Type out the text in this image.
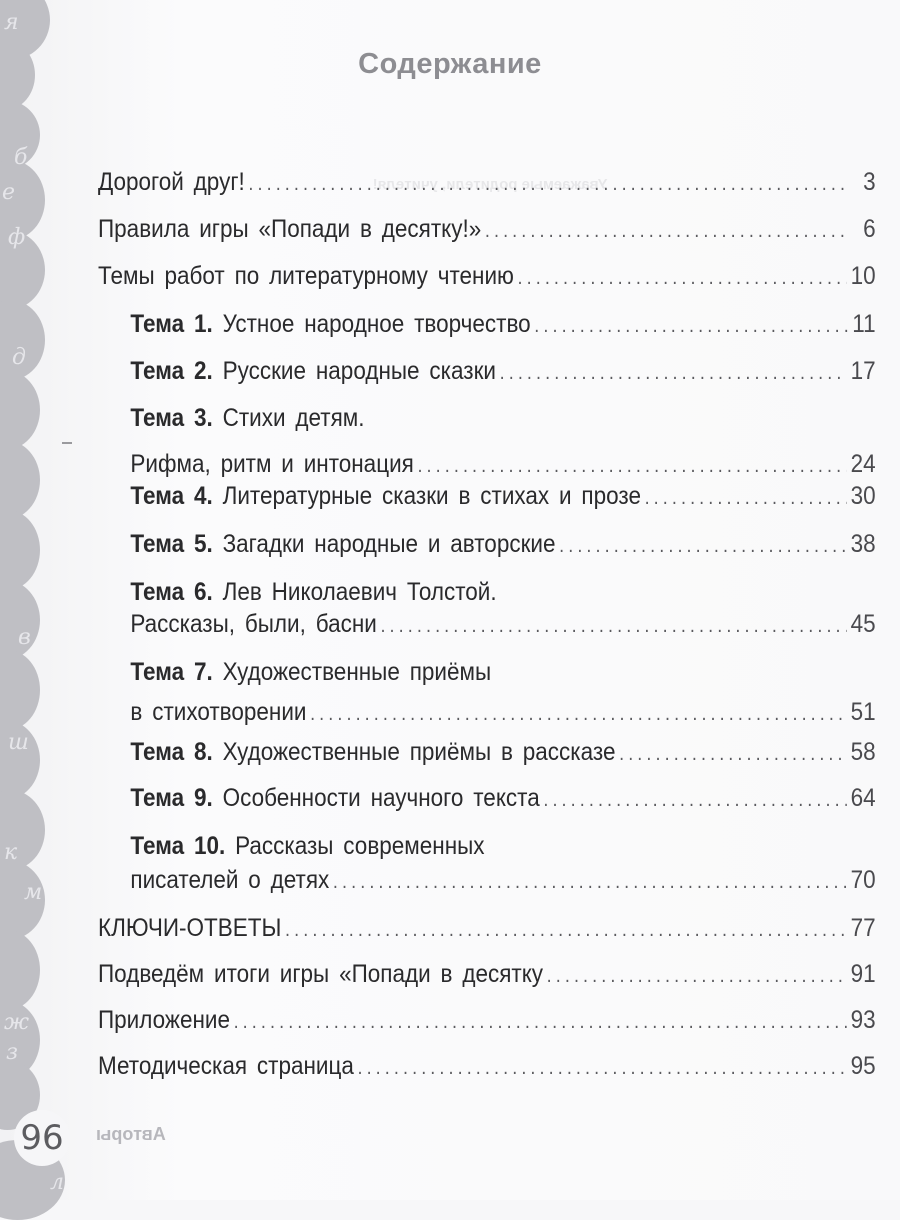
Уважаемые родители, учителя!

я
б
е
ф
д
в
ш
к
м
ж
з
л
Содержание
Дорогой друг! . . .	3
Правила игры «Попади в десятку!» . . .	6
Темы работ по литературному чтению . . .	10
Тема 1. Устное народное творчество . . .	11
Тема 2. Русские народные сказки . . .	17
Тема 3. Стихи детям.
Рифма, ритм и интонация . . .	24
Тема 4. Литературные сказки в стихах и прозе . . .	30
Тема 5. Загадки народные и авторские . . .	38
Тема 6. Лев Николаевич Толстой.
Рассказы, были, басни . . .	45
Тема 7. Художественные приёмы
в стихотворении . . .	51
Тема 8. Художественные приёмы в рассказе . . .	58
Тема 9. Особенности научного текста . . .	64
Тема 10. Рассказы современных
писателей о детях . . .	70
КЛЮЧИ-ОТВЕТЫ . . .	77
Подведём итоги игры «Попади в десятку . . .	91
Приложение . . .	93
Методическая страница . . .	95
96	Авторы
